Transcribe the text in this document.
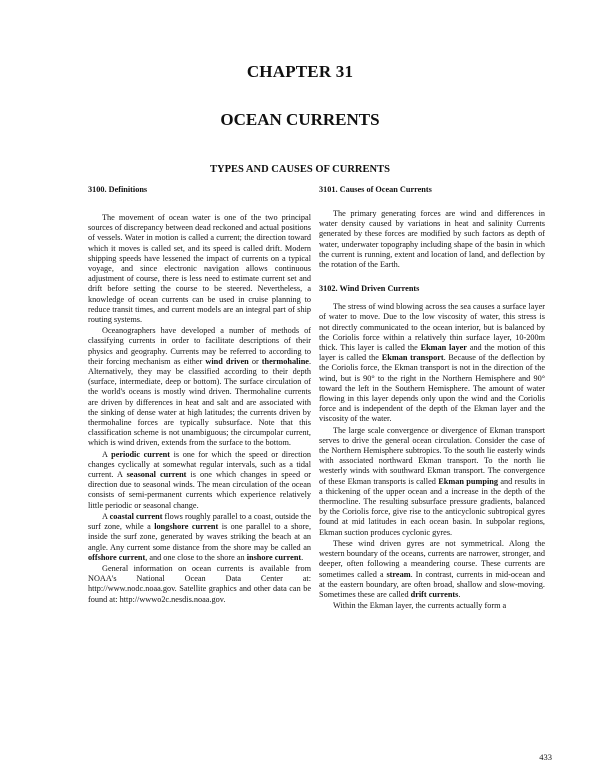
CHAPTER 31
OCEAN CURRENTS
TYPES AND CAUSES OF CURRENTS
3100. Definitions

The movement of ocean water is one of the two principal sources of discrepancy between dead reckoned and actual positions of vessels. Water in motion is called a current; the direction toward which it moves is called set, and its speed is called drift. Modern shipping speeds have lessened the impact of currents on a typical voyage, and since electronic navigation allows continuous adjustment of course, there is less need to estimate current set and drift before setting the course to be steered. Nevertheless, a knowledge of ocean currents can be used in cruise planning to reduce transit times, and current models are an integral part of ship routing systems.

Oceanographers have developed a number of methods of classifying currents in order to facilitate descriptions of their physics and geography. Currents may be referred to according to their forcing mechanism as either wind driven or thermohaline. Alternatively, they may be classified according to their depth (surface, intermediate, deep or bottom). The surface circulation of the world's oceans is mostly wind driven. Thermohaline currents are driven by differences in heat and salt and are associated with the sinking of dense water at high latitudes; the currents driven by thermohaline forces are typically subsurface. Note that this classification scheme is not unambiguous; the circumpolar current, which is wind driven, extends from the surface to the bottom.

A periodic current is one for which the speed or direction changes cyclically at somewhat regular intervals, such as a tidal current. A seasonal current is one which changes in speed or direction due to seasonal winds. The mean circulation of the ocean consists of semi-permanent currents which experience relatively little periodic or seasonal change.

A coastal current flows roughly parallel to a coast, outside the surf zone, while a longshore current is one parallel to a shore, inside the surf zone, generated by waves striking the beach at an angle. Any current some distance from the shore may be called an offshore current, and one close to the shore an inshore current.

General information on ocean currents is available from NOAA's National Ocean Data Center at: http://www.nodc.noaa.gov. Satellite graphics and other data can be found at: http://wwwo2c.nesdis.noaa.gov.

3101. Causes of Ocean Currents

The primary generating forces are wind and differences in water density caused by variations in heat and salinity Currents generated by these forces are modified by such factors as depth of water, underwater topography including shape of the basin in which the current is running, extent and location of land, and deflection by the rotation of the Earth.

3102. Wind Driven Currents

The stress of wind blowing across the sea causes a surface layer of water to move. Due to the low viscosity of water, this stress is not directly communicated to the ocean interior, but is balanced by the Coriolis force within a relatively thin surface layer, 10-200m thick. This layer is called the Ekman layer and the motion of this layer is called the Ekman transport. Because of the deflection by the Coriolis force, the Ekman transport is not in the direction of the wind, but is 90° to the right in the Northern Hemisphere and 90° toward the left in the Southern Hemisphere. The amount of water flowing in this layer depends only upon the wind and the Coriolis force and is independent of the depth of the Ekman layer and the viscosity of the water.

The large scale convergence or divergence of Ekman transport serves to drive the general ocean circulation. Consider the case of the Northern Hemisphere subtropics. To the south lie easterly winds with associated northward Ekman transport. To the north lie westerly winds with southward Ekman transport. The convergence of these Ekman transports is called Ekman pumping and results in a thickening of the upper ocean and a increase in the depth of the thermocline. The resulting subsurface pressure gradients, balanced by the Coriolis force, give rise to the anticyclonic subtropical gyres found at mid latitudes in each ocean basin. In subpolar regions, Ekman suction produces cyclonic gyres.

These wind driven gyres are not symmetrical. Along the western boundary of the oceans, currents are narrower, stronger, and deeper, often following a meandering course. These currents are sometimes called a stream. In contrast, currents in mid-ocean and at the eastern boundary, are often broad, shallow and slow-moving. Sometimes these are called drift currents.

Within the Ekman layer, the currents actually form a

433
